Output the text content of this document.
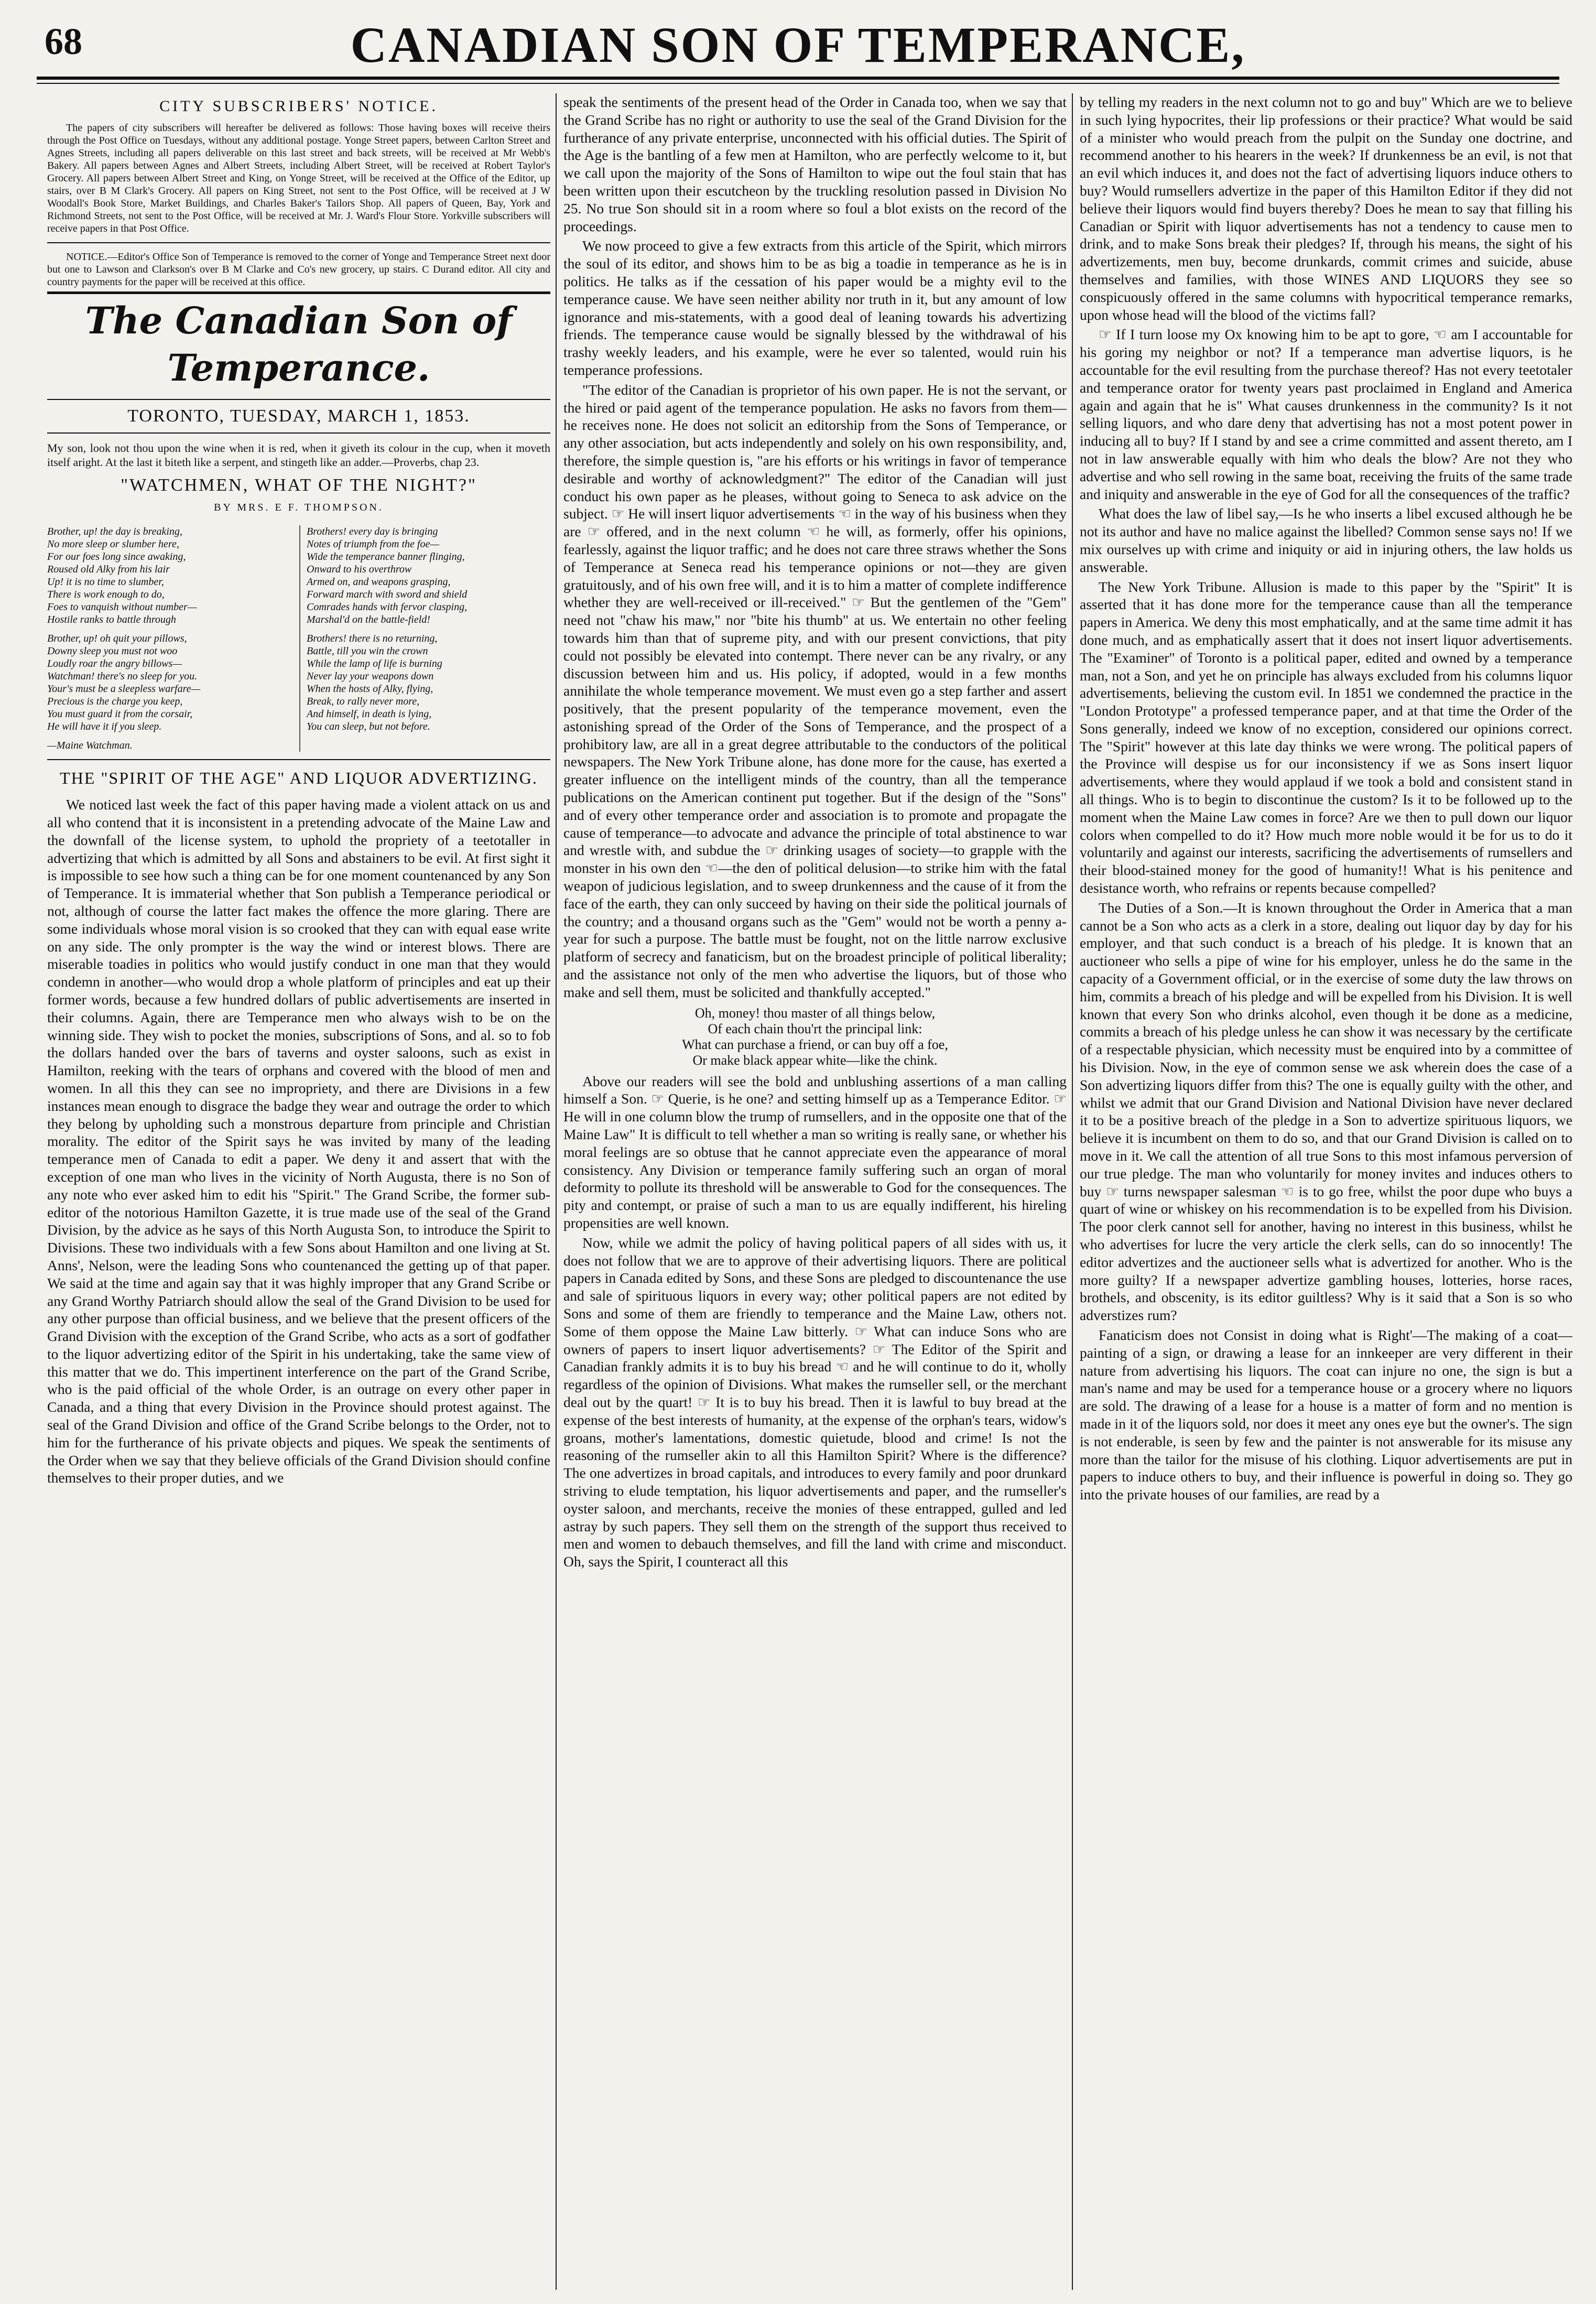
68	CANADIAN SON OF TEMPERANCE,
CITY SUBSCRIBERS' NOTICE.

The papers of city subscribers will hereafter be delivered as follows: Those having boxes will receive theirs through the Post Office on Tuesdays, without any additional postage. Yonge Street papers, between Carlton Street and Agnes Streets, including all papers deliverable on this last street and back streets, will be received at Mr Webb's Bakery. All papers between Agnes and Albert Streets, including Albert Street, will be received at Robert Taylor's Grocery. All papers between Albert Street and King, on Yonge Street, will be received at the Office of the Editor, up stairs, over B M Clark's Grocery. All papers on King Street, not sent to the Post Office, will be received at J W Woodall's Book Store, Market Buildings, and Charles Baker's Tailors Shop. All papers of Queen, Bay, York and Richmond Streets, not sent to the Post Office, will be received at Mr. J. Ward's Flour Store. Yorkville subscribers will receive papers in that Post Office.

NOTICE.—Editor's Office Son of Temperance is removed to the corner of Yonge and Temperance Street next door but one to Lawson and Clarkson's over B M Clarke and Co's new grocery, up stairs. C Durand editor. All city and country payments for the paper will be received at this office.

The Canadian Son of Temperance.
TORONTO, TUESDAY, MARCH 1, 1853.
My son, look not thou upon the wine when it is red, when it giveth its colour in the cup, when it moveth itself aright. At the last it biteth like a serpent, and stingeth like an adder.—Proverbs, chap 23.
"WATCHMEN, WHAT OF THE NIGHT?"
BY MRS. E F. THOMPSON.
Brother, up! the day is breaking,
No more sleep or slumber here,
For our foes long since awaking,
Roused old Alky from his lair
Up! it is no time to slumber,
There is work enough to do,
Foes to vanquish without number—
Hostile ranks to battle through
Brother, up! oh quit your pillows,
Downy sleep you must not woo
Loudly roar the angry billows—
Watchman! there's no sleep for you.
Your's must be a sleepless warfare—
Precious is the charge you keep,
You must guard it from the corsair,
He will have it if you sleep.
—Maine Watchman.
Brothers! every day is bringing
Notes of triumph from the foe—
Wide the temperance banner flinging,
Onward to his overthrow
Armed on, and weapons grasping,
Forward march with sword and shield
Comrades hands with fervor clasping,
Marshal'd on the battle-field!
Brothers! there is no returning,
Battle, till you win the crown
While the lamp of life is burning
Never lay your weapons down
When the hosts of Alky, flying,
Break, to rally never more,
And himself, in death is lying,
You can sleep, but not before.
THE "SPIRIT OF THE AGE" AND LIQUOR ADVERTIZING.

We noticed last week the fact of this paper having made a violent attack on us and all who contend that it is inconsistent in a pretending advocate of the Maine Law and the downfall of the license system, to uphold the propriety of a teetotaller in advertizing that which is admitted by all Sons and abstainers to be evil. At first sight it is impossible to see how such a thing can be for one moment countenanced by any Son of Temperance. It is immaterial whether that Son publish a Temperance periodical or not, although of course the latter fact makes the offence the more glaring. There are some individuals whose moral vision is so crooked that they can with equal ease write on any side. The only prompter is the way the wind or interest blows. There are miserable toadies in politics who would justify conduct in one man that they would condemn in another—who would drop a whole platform of principles and eat up their former words, because a few hundred dollars of public advertisements are inserted in their columns. Again, there are Temperance men who always wish to be on the winning side. They wish to pocket the monies, subscriptions of Sons, and al. so to fob the dollars handed over the bars of taverns and oyster saloons, such as exist in Hamilton, reeking with the tears of orphans and covered with the blood of men and women. In all this they can see no impropriety, and there are Divisions in a few instances mean enough to disgrace the badge they wear and outrage the order to which they belong by upholding such a monstrous departure from principle and Christian morality. The editor of the Spirit says he was invited by many of the leading temperance men of Canada to edit a paper. We deny it and assert that with the exception of one man who lives in the vicinity of North Augusta, there is no Son of any note who ever asked him to edit his "Spirit." The Grand Scribe, the former sub-editor of the notorious Hamilton Gazette, it is true made use of the seal of the Grand Division, by the advice as he says of this North Augusta Son, to introduce the Spirit to Divisions. These two individuals with a few Sons about Hamilton and one living at St. Anns', Nelson, were the leading Sons who countenanced the getting up of that paper. We said at the time and again say that it was highly improper that any Grand Scribe or any Grand Worthy Patriarch should allow the seal of the Grand Division to be used for any other purpose than official business, and we believe that the present officers of the Grand Division with the exception of the Grand Scribe, who acts as a sort of godfather to the liquor advertizing editor of the Spirit in his undertaking, take the same view of this matter that we do. This impertinent interference on the part of the Grand Scribe, who is the paid official of the whole Order, is an outrage on every other paper in Canada, and a thing that every Division in the Province should protest against. The seal of the Grand Division and office of the Grand Scribe belongs to the Order, not to him for the furtherance of his private objects and piques. We speak the sentiments of the Order when we say that they believe officials of the Grand Division should confine themselves to their proper duties, and we

speak the sentiments of the present head of the Order in Canada too, when we say that the Grand Scribe has no right or authority to use the seal of the Grand Division for the furtherance of any private enterprise, unconnected with his official duties. The Spirit of the Age is the bantling of a few men at Hamilton, who are perfectly welcome to it, but we call upon the majority of the Sons of Hamilton to wipe out the foul stain that has been written upon their escutcheon by the truckling resolution passed in Division No 25. No true Son should sit in a room where so foul a blot exists on the record of the proceedings.

We now proceed to give a few extracts from this article of the Spirit, which mirrors the soul of its editor, and shows him to be as big a toadie in temperance as he is in politics. He talks as if the cessation of his paper would be a mighty evil to the temperance cause. We have seen neither ability nor truth in it, but any amount of low ignorance and mis-statements, with a good deal of leaning towards his advertizing friends. The temperance cause would be signally blessed by the withdrawal of his trashy weekly leaders, and his example, were he ever so talented, would ruin his temperance professions.

"The editor of the Canadian is proprietor of his own paper. He is not the servant, or the hired or paid agent of the temperance population. He asks no favors from them—he receives none. He does not solicit an editorship from the Sons of Temperance, or any other association, but acts independently and solely on his own responsibility, and, therefore, the simple question is, "are his efforts or his writings in favor of temperance desirable and worthy of acknowledgment?" The editor of the Canadian will just conduct his own paper as he pleases, without going to Seneca to ask advice on the subject. ☞ He will insert liquor advertisements ☜ in the way of his business when they are ☞ offered, and in the next column ☜ he will, as formerly, offer his opinions, fearlessly, against the liquor traffic; and he does not care three straws whether the Sons of Temperance at Seneca read his temperance opinions or not—they are given gratuitously, and of his own free will, and it is to him a matter of complete indifference whether they are well-received or ill-received." ☞ But the gentlemen of the "Gem" need not "chaw his maw," nor "bite his thumb" at us. We entertain no other feeling towards him than that of supreme pity, and with our present convictions, that pity could not possibly be elevated into contempt. There never can be any rivalry, or any discussion between him and us. His policy, if adopted, would in a few months annihilate the whole temperance movement. We must even go a step farther and assert positively, that the present popularity of the temperance movement, even the astonishing spread of the Order of the Sons of Temperance, and the prospect of a prohibitory law, are all in a great degree attributable to the conductors of the political newspapers. The New York Tribune alone, has done more for the cause, has exerted a greater influence on the intelligent minds of the country, than all the temperance publications on the American continent put together. But if the design of the "Sons" and of every other temperance order and association is to promote and propagate the cause of temperance—to advocate and advance the principle of total abstinence to war and wrestle with, and subdue the ☞ drinking usages of society—to grapple with the monster in his own den ☜—the den of political delusion—to strike him with the fatal weapon of judicious legislation, and to sweep drunkenness and the cause of it from the face of the earth, they can only succeed by having on their side the political journals of the country; and a thousand organs such as the "Gem" would not be worth a penny a-year for such a purpose. The battle must be fought, not on the little narrow exclusive platform of secrecy and fanaticism, but on the broadest principle of political liberality; and the assistance not only of the men who advertise the liquors, but of those who make and sell them, must be solicited and thankfully accepted."

Oh, money! thou master of all things below,
Of each chain thou'rt the principal link:
What can purchase a friend, or can buy off a foe,
Or make black appear white—like the chink.

Above our readers will see the bold and unblushing assertions of a man calling himself a Son. ☞ Querie, is he one? and setting himself up as a Temperance Editor. ☞ He will in one column blow the trump of rumsellers, and in the opposite one that of the Maine Law" It is difficult to tell whether a man so writing is really sane, or whether his moral feelings are so obtuse that he cannot appreciate even the appearance of moral consistency. Any Division or temperance family suffering such an organ of moral deformity to pollute its threshold will be answerable to God for the consequences. The pity and contempt, or praise of such a man to us are equally indifferent, his hireling propensities are well known.

Now, while we admit the policy of having political papers of all sides with us, it does not follow that we are to approve of their advertising liquors. There are political papers in Canada edited by Sons, and these Sons are pledged to discountenance the use and sale of spirituous liquors in every way; other political papers are not edited by Sons and some of them are friendly to temperance and the Maine Law, others not. Some of them oppose the Maine Law bitterly. ☞ What can induce Sons who are owners of papers to insert liquor advertisements? ☞ The Editor of the Spirit and Canadian frankly admits it is to buy his bread ☜ and he will continue to do it, wholly regardless of the opinion of Divisions. What makes the rumseller sell, or the merchant deal out by the quart! ☞ It is to buy his bread. Then it is lawful to buy bread at the expense of the best interests of humanity, at the expense of the orphan's tears, widow's groans, mother's lamentations, domestic quietude, blood and crime! Is not the reasoning of the rumseller akin to all this Hamilton Spirit? Where is the difference? The one advertizes in broad capitals, and introduces to every family and poor drunkard striving to elude temptation, his liquor advertisements and paper, and the rumseller's oyster saloon, and merchants, receive the monies of these entrapped, gulled and led astray by such papers. They sell them on the strength of the support thus received to men and women to debauch themselves, and fill the land with crime and misconduct. Oh, says the Spirit, I counteract all this

by telling my readers in the next column not to go and buy" Which are we to believe in such lying hypocrites, their lip professions or their practice? What would be said of a minister who would preach from the pulpit on the Sunday one doctrine, and recommend another to his hearers in the week? If drunkenness be an evil, is not that an evil which induces it, and does not the fact of advertising liquors induce others to buy? Would rumsellers advertize in the paper of this Hamilton Editor if they did not believe their liquors would find buyers thereby? Does he mean to say that filling his Canadian or Spirit with liquor advertisements has not a tendency to cause men to drink, and to make Sons break their pledges? If, through his means, the sight of his advertizements, men buy, become drunkards, commit crimes and suicide, abuse themselves and families, with those WINES AND LIQUORS they see so conspicuously offered in the same columns with hypocritical temperance remarks, upon whose head will the blood of the victims fall?

☞ If I turn loose my Ox knowing him to be apt to gore, ☜ am I accountable for his goring my neighbor or not? If a temperance man advertise liquors, is he accountable for the evil resulting from the purchase thereof? Has not every teetotaler and temperance orator for twenty years past proclaimed in England and America again and again that he is" What causes drunkenness in the community? Is it not selling liquors, and who dare deny that advertising has not a most potent power in inducing all to buy? If I stand by and see a crime committed and assent thereto, am I not in law answerable equally with him who deals the blow? Are not they who advertise and who sell rowing in the same boat, receiving the fruits of the same trade and iniquity and answerable in the eye of God for all the consequences of the traffic?

What does the law of libel say,—Is he who inserts a libel excused although he be not its author and have no malice against the libelled? Common sense says no! If we mix ourselves up with crime and iniquity or aid in injuring others, the law holds us answerable.

The New York Tribune. Allusion is made to this paper by the "Spirit" It is asserted that it has done more for the temperance cause than all the temperance papers in America. We deny this most emphatically, and at the same time admit it has done much, and as emphatically assert that it does not insert liquor advertisements. The "Examiner" of Toronto is a political paper, edited and owned by a temperance man, not a Son, and yet he on principle has always excluded from his columns liquor advertisements, believing the custom evil. In 1851 we condemned the practice in the "London Prototype" a professed temperance paper, and at that time the Order of the Sons generally, indeed we know of no exception, considered our opinions correct. The "Spirit" however at this late day thinks we were wrong. The political papers of the Province will despise us for our inconsistency if we as Sons insert liquor advertisements, where they would applaud if we took a bold and consistent stand in all things. Who is to begin to discontinue the custom? Is it to be followed up to the moment when the Maine Law comes in force? Are we then to pull down our liquor colors when compelled to do it? How much more noble would it be for us to do it voluntarily and against our interests, sacrificing the advertisements of rumsellers and their blood-stained money for the good of humanity!! What is his penitence and desistance worth, who refrains or repents because compelled?

The Duties of a Son.—It is known throughout the Order in America that a man cannot be a Son who acts as a clerk in a store, dealing out liquor day by day for his employer, and that such conduct is a breach of his pledge. It is known that an auctioneer who sells a pipe of wine for his employer, unless he do the same in the capacity of a Government official, or in the exercise of some duty the law throws on him, commits a breach of his pledge and will be expelled from his Division. It is well known that every Son who drinks alcohol, even though it be done as a medicine, commits a breach of his pledge unless he can show it was necessary by the certificate of a respectable physician, which necessity must be enquired into by a committee of his Division. Now, in the eye of common sense we ask wherein does the case of a Son advertizing liquors differ from this? The one is equally guilty with the other, and whilst we admit that our Grand Division and National Division have never declared it to be a positive breach of the pledge in a Son to advertize spirituous liquors, we believe it is incumbent on them to do so, and that our Grand Division is called on to move in it. We call the attention of all true Sons to this most infamous perversion of our true pledge. The man who voluntarily for money invites and induces others to buy ☞ turns newspaper salesman ☜ is to go free, whilst the poor dupe who buys a quart of wine or whiskey on his recommendation is to be expelled from his Division. The poor clerk cannot sell for another, having no interest in this business, whilst he who advertises for lucre the very article the clerk sells, can do so innocently! The editor advertizes and the auctioneer sells what is advertized for another. Who is the more guilty? If a newspaper advertize gambling houses, lotteries, horse races, brothels, and obscenity, is its editor guiltless? Why is it said that a Son is so who adverstizes rum?

Fanaticism does not Consist in doing what is Right'—The making of a coat—painting of a sign, or drawing a lease for an innkeeper are very different in their nature from advertising his liquors. The coat can injure no one, the sign is but a man's name and may be used for a temperance house or a grocery where no liquors are sold. The drawing of a lease for a house is a matter of form and no mention is made in it of the liquors sold, nor does it meet any ones eye but the owner's. The sign is not enderable, is seen by few and the painter is not answerable for its misuse any more than the tailor for the misuse of his clothing. Liquor advertisements are put in papers to induce others to buy, and their influence is powerful in doing so. They go into the private houses of our families, are read by a
